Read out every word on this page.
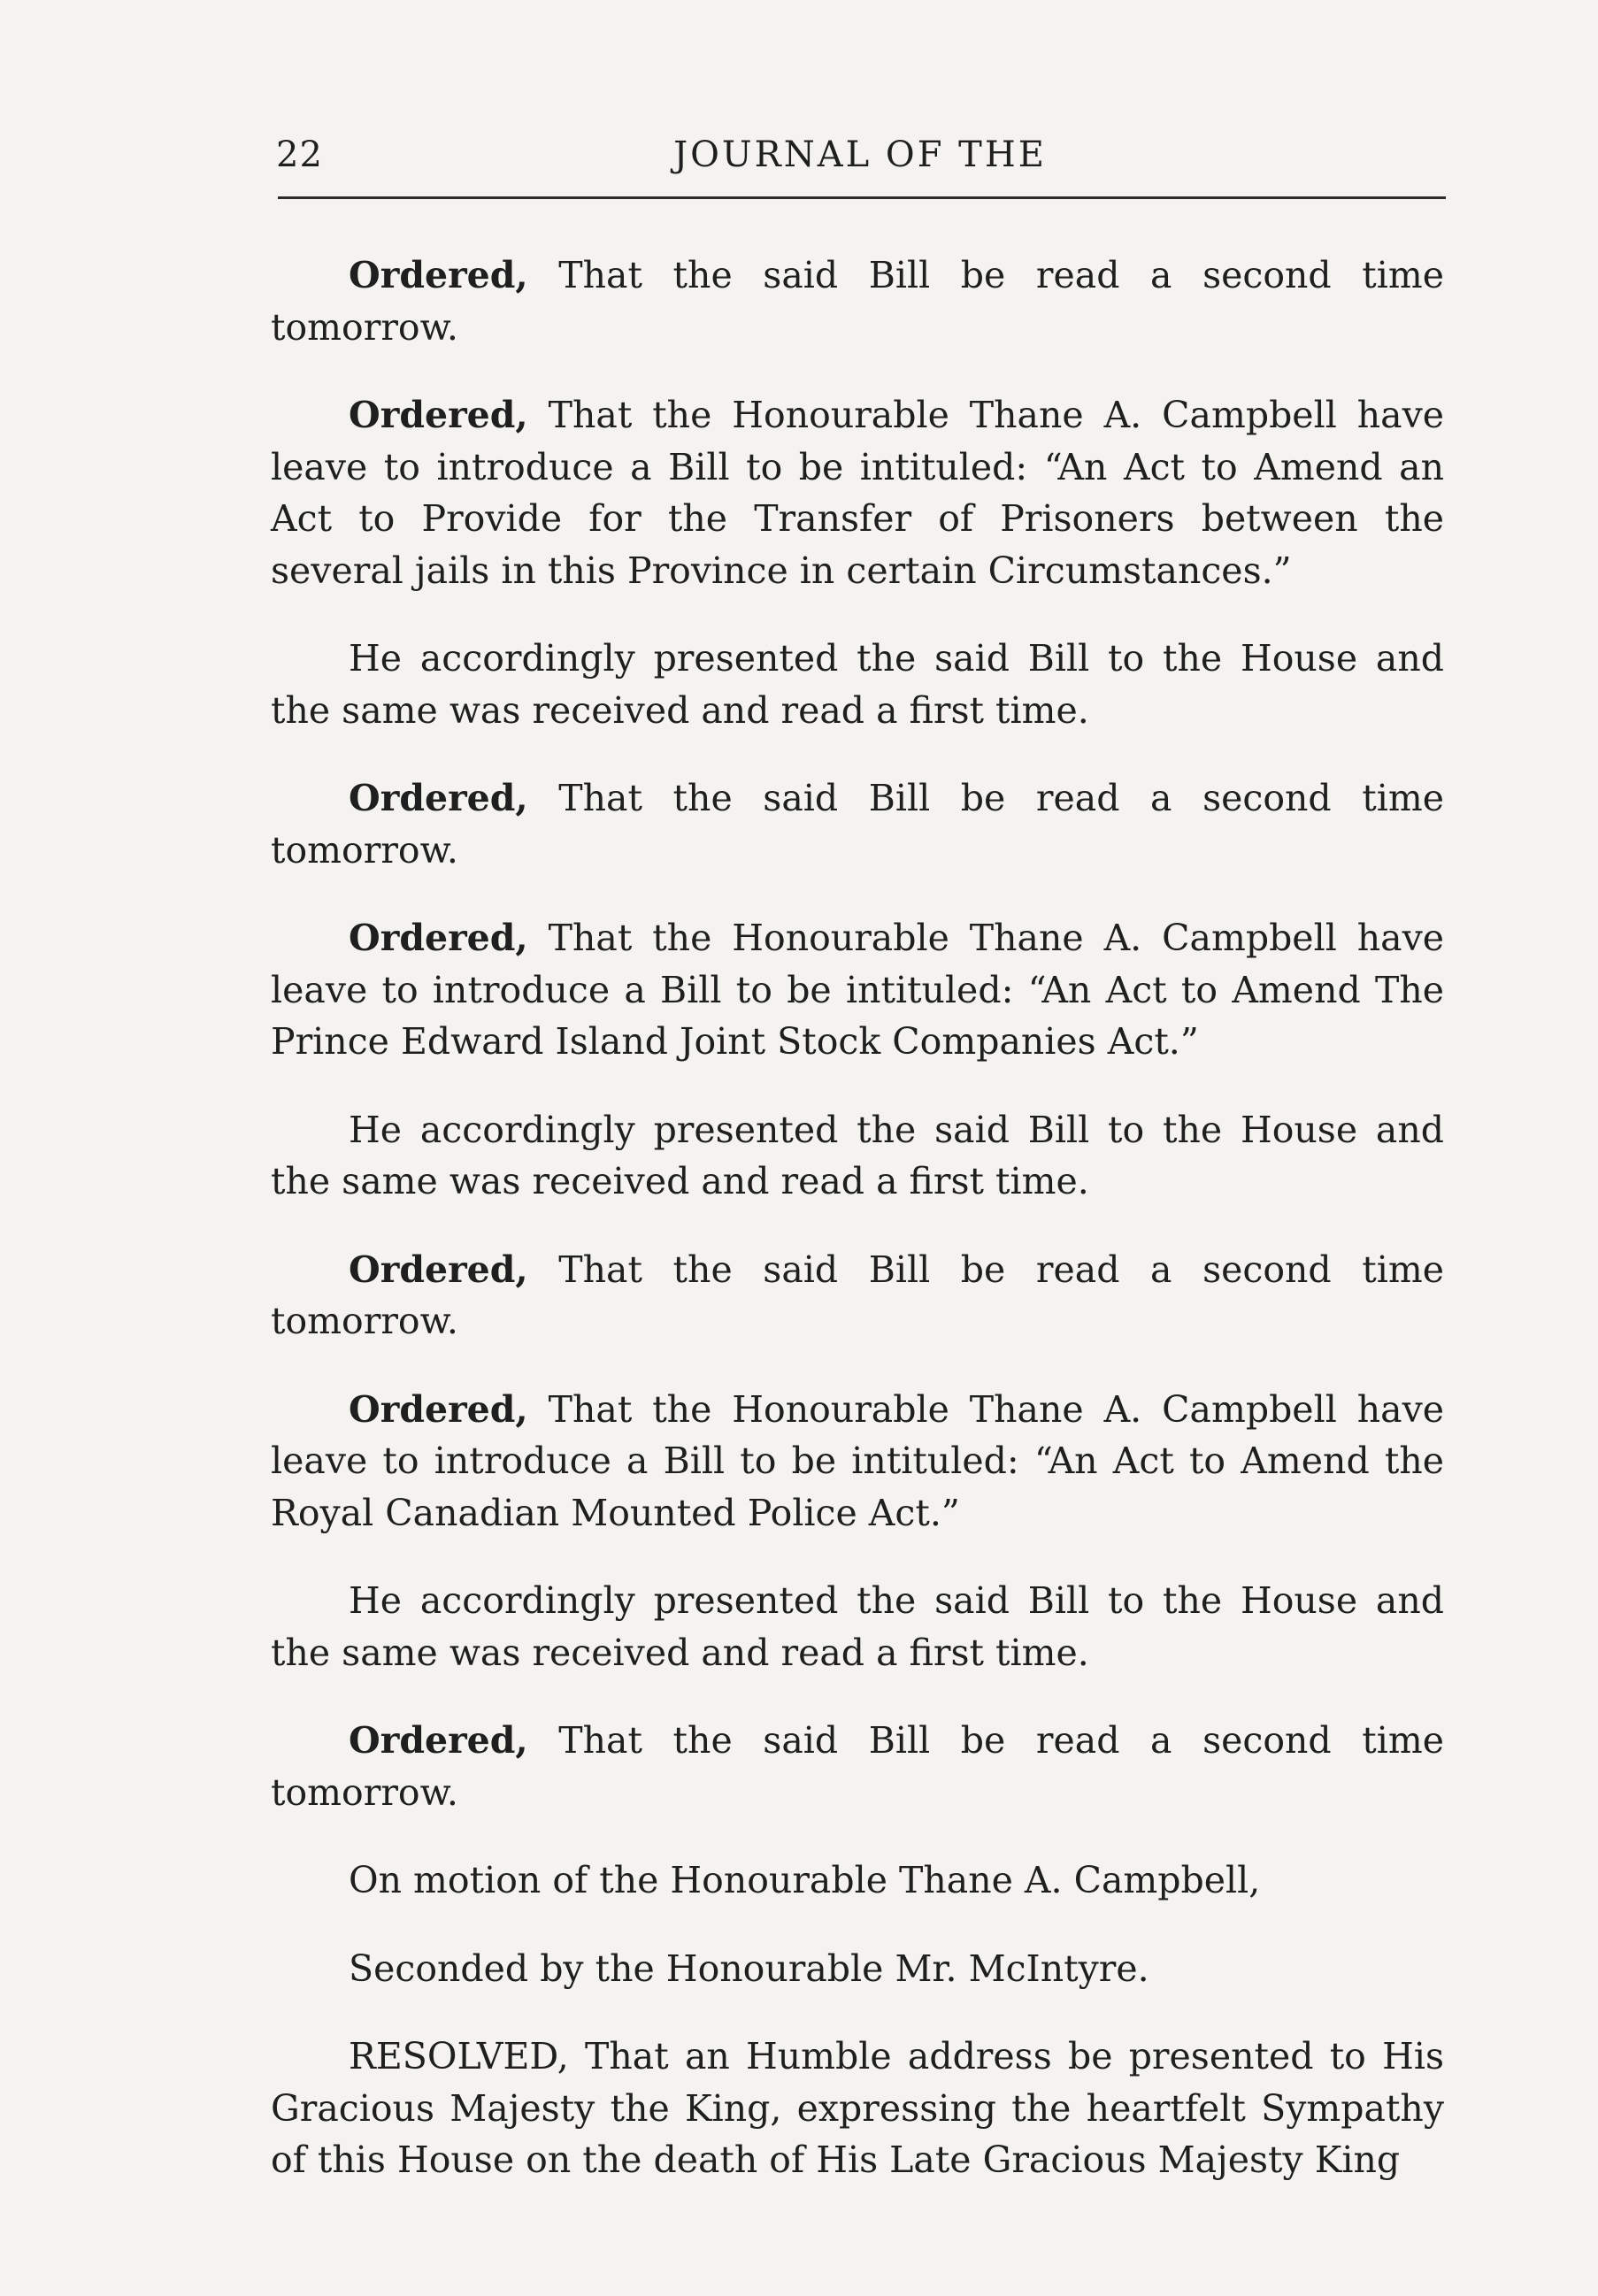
22	JOURNAL OF THE

Ordered, That the said Bill be read a second time tomorrow.

Ordered, That the Honourable Thane A. Campbell have leave to introduce a Bill to be intituled: “An Act to Amend an Act to Provide for the Transfer of Prisoners between the several jails in this Province in certain Circumstances.”

He accordingly presented the said Bill to the House and the same was received and read a first time.

Ordered, That the said Bill be read a second time tomorrow.

Ordered, That the Honourable Thane A. Campbell have leave to introduce a Bill to be intituled: “An Act to Amend The Prince Edward Island Joint Stock Companies Act.”

He accordingly presented the said Bill to the House and the same was received and read a first time.

Ordered, That the said Bill be read a second time tomorrow.

Ordered, That the Honourable Thane A. Campbell have leave to introduce a Bill to be intituled: “An Act to Amend the Royal Canadian Mounted Police Act.”

He accordingly presented the said Bill to the House and the same was received and read a first time.

Ordered, That the said Bill be read a second time tomorrow.

On motion of the Honourable Thane A. Campbell,

Seconded by the Honourable Mr. McIntyre.

RESOLVED, That an Humble address be presented to His Gracious Majesty the King, expressing the heartfelt Sympathy of this House on the death of His Late Gracious Majesty King
